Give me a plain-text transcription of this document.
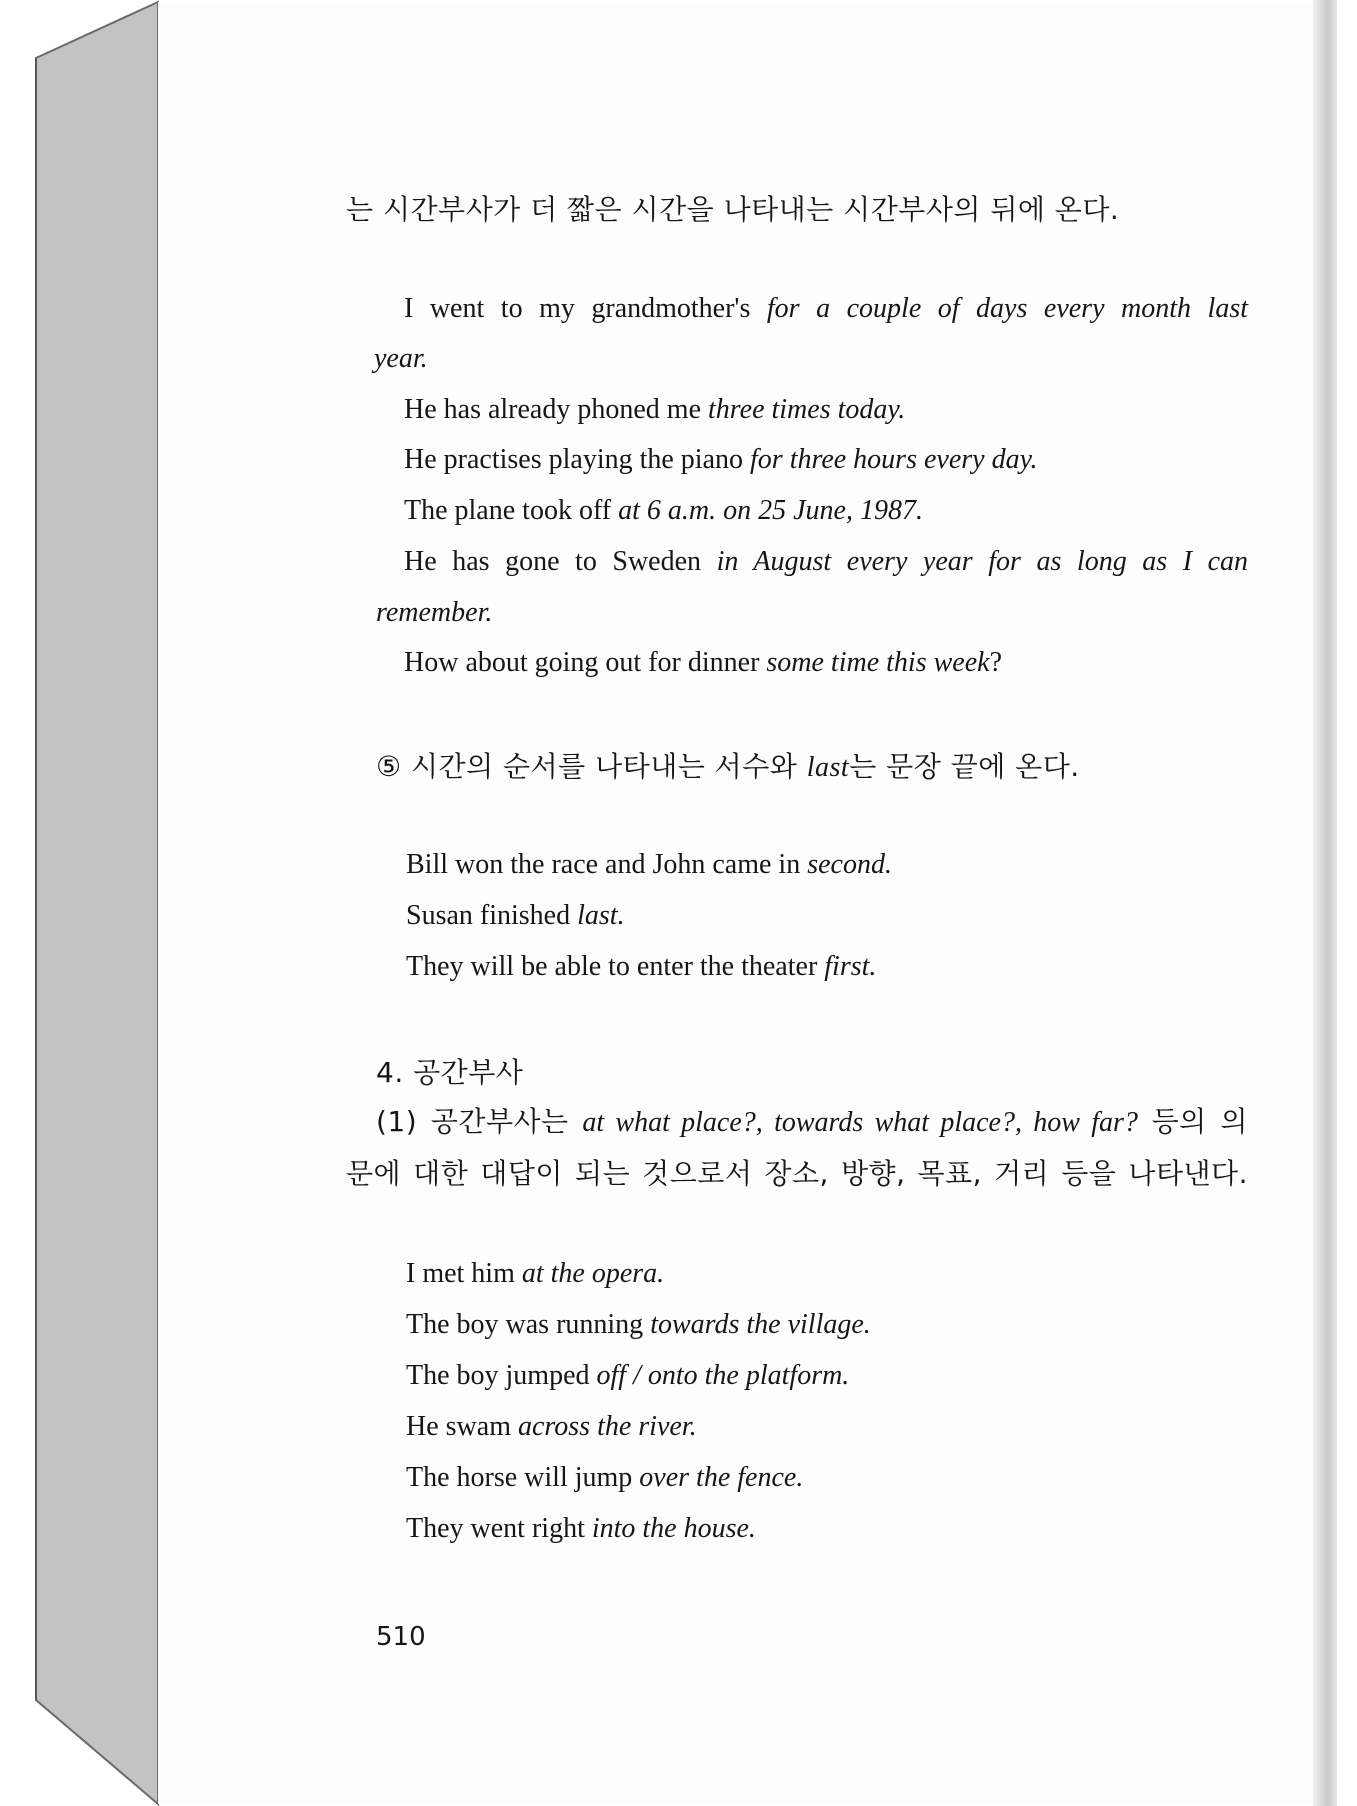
는 시간부사가 더 짧은 시간을 나타내는 시간부사의 뒤에 온다.
I went to my grandmother's for a couple of days every month last
year.
He has already phoned me three times today.
He practises playing the piano for three hours every day.
The plane took off at 6 a.m. on 25 June, 1987.
He has gone to Sweden in August every year for as long as I can
remember.
How about going out for dinner some time this week?
⑤ 시간의 순서를 나타내는 서수와 last는 문장 끝에 온다.
Bill won the race and John came in second.
Susan finished last.
They will be able to enter the theater first.
4. 공간부사
(1) 공간부사는 at what place?, towards what place?, how far? 등의 의
문에 대한 대답이 되는 것으로서 장소, 방향, 목표, 거리 등을 나타낸다.
I met him at the opera.
The boy was running towards the village.
The boy jumped off / onto the platform.
He swam across the river.
The horse will jump over the fence.
They went right into the house.
510
